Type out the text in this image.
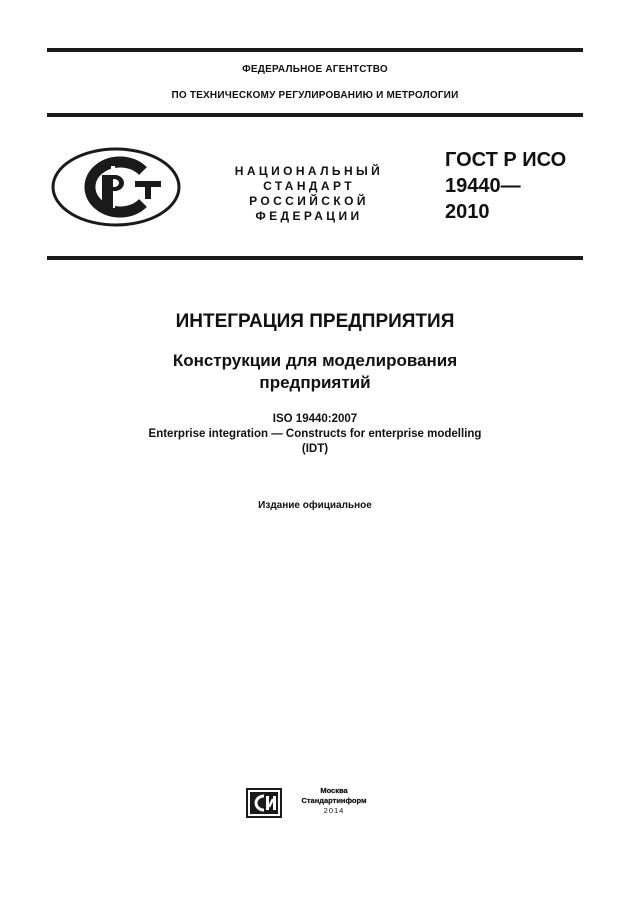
ФЕДЕРАЛЬНОЕ АГЕНТСТВО
ПО ТЕХНИЧЕСКОМУ РЕГУЛИРОВАНИЮ И МЕТРОЛОГИИ
НАЦИОНАЛЬНЫЙ
СТАНДАРТ
РОССИЙСКОЙ
ФЕДЕРАЦИИ
ГОСТ Р ИСО
19440—
2010
ИНТЕГРАЦИЯ ПРЕДПРИЯТИЯ
Конструкции для моделирования
предприятий
ISO 19440:2007
Enterprise integration — Constructs for enterprise modelling
(IDT)
Издание официальное
Москва
Стандартинформ
2014
